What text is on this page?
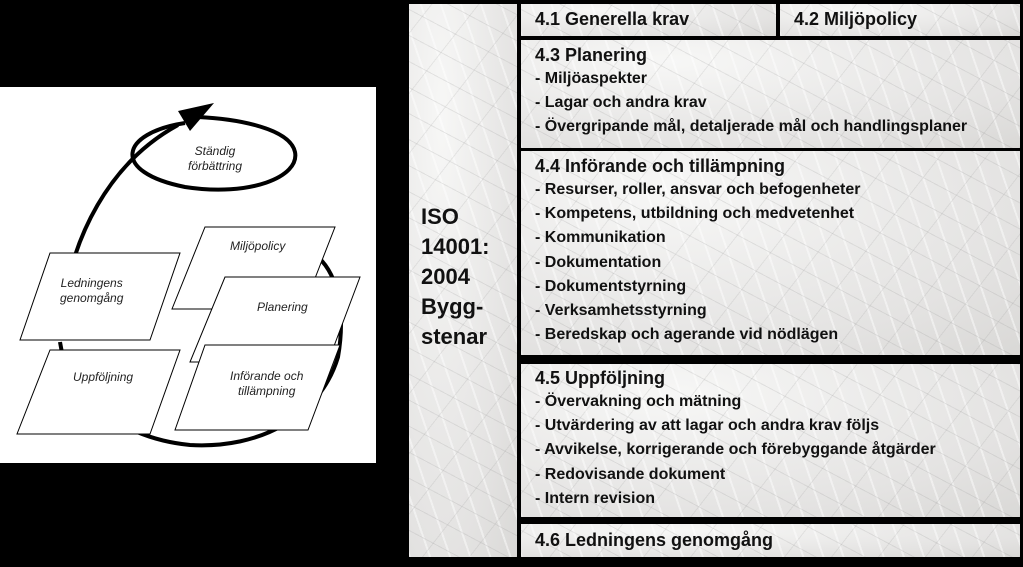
Ständig
förbättring
Miljöpolicy
Ledningens
genomgång
Planering
Uppföljning	Införande och
tillämpning
ISO
14001:
2004
Bygg-
stenar
4.1 Generella krav	4.2 Miljöpolicy
4.3 Planering
- Miljöaspekter
- Lagar och andra krav
- Övergripande mål, detaljerade mål och handlingsplaner
4.4 Införande och tillämpning
- Resurser, roller, ansvar och befogenheter
- Kompetens, utbildning och medvetenhet
- Kommunikation
- Dokumentation
- Dokumentstyrning
- Verksamhetsstyrning
- Beredskap och agerande vid nödlägen
4.5 Uppföljning
- Övervakning och mätning
- Utvärdering av att lagar och andra krav följs
- Avvikelse, korrigerande och förebyggande åtgärder
- Redovisande dokument
- Intern revision
4.6 Ledningens genomgång
